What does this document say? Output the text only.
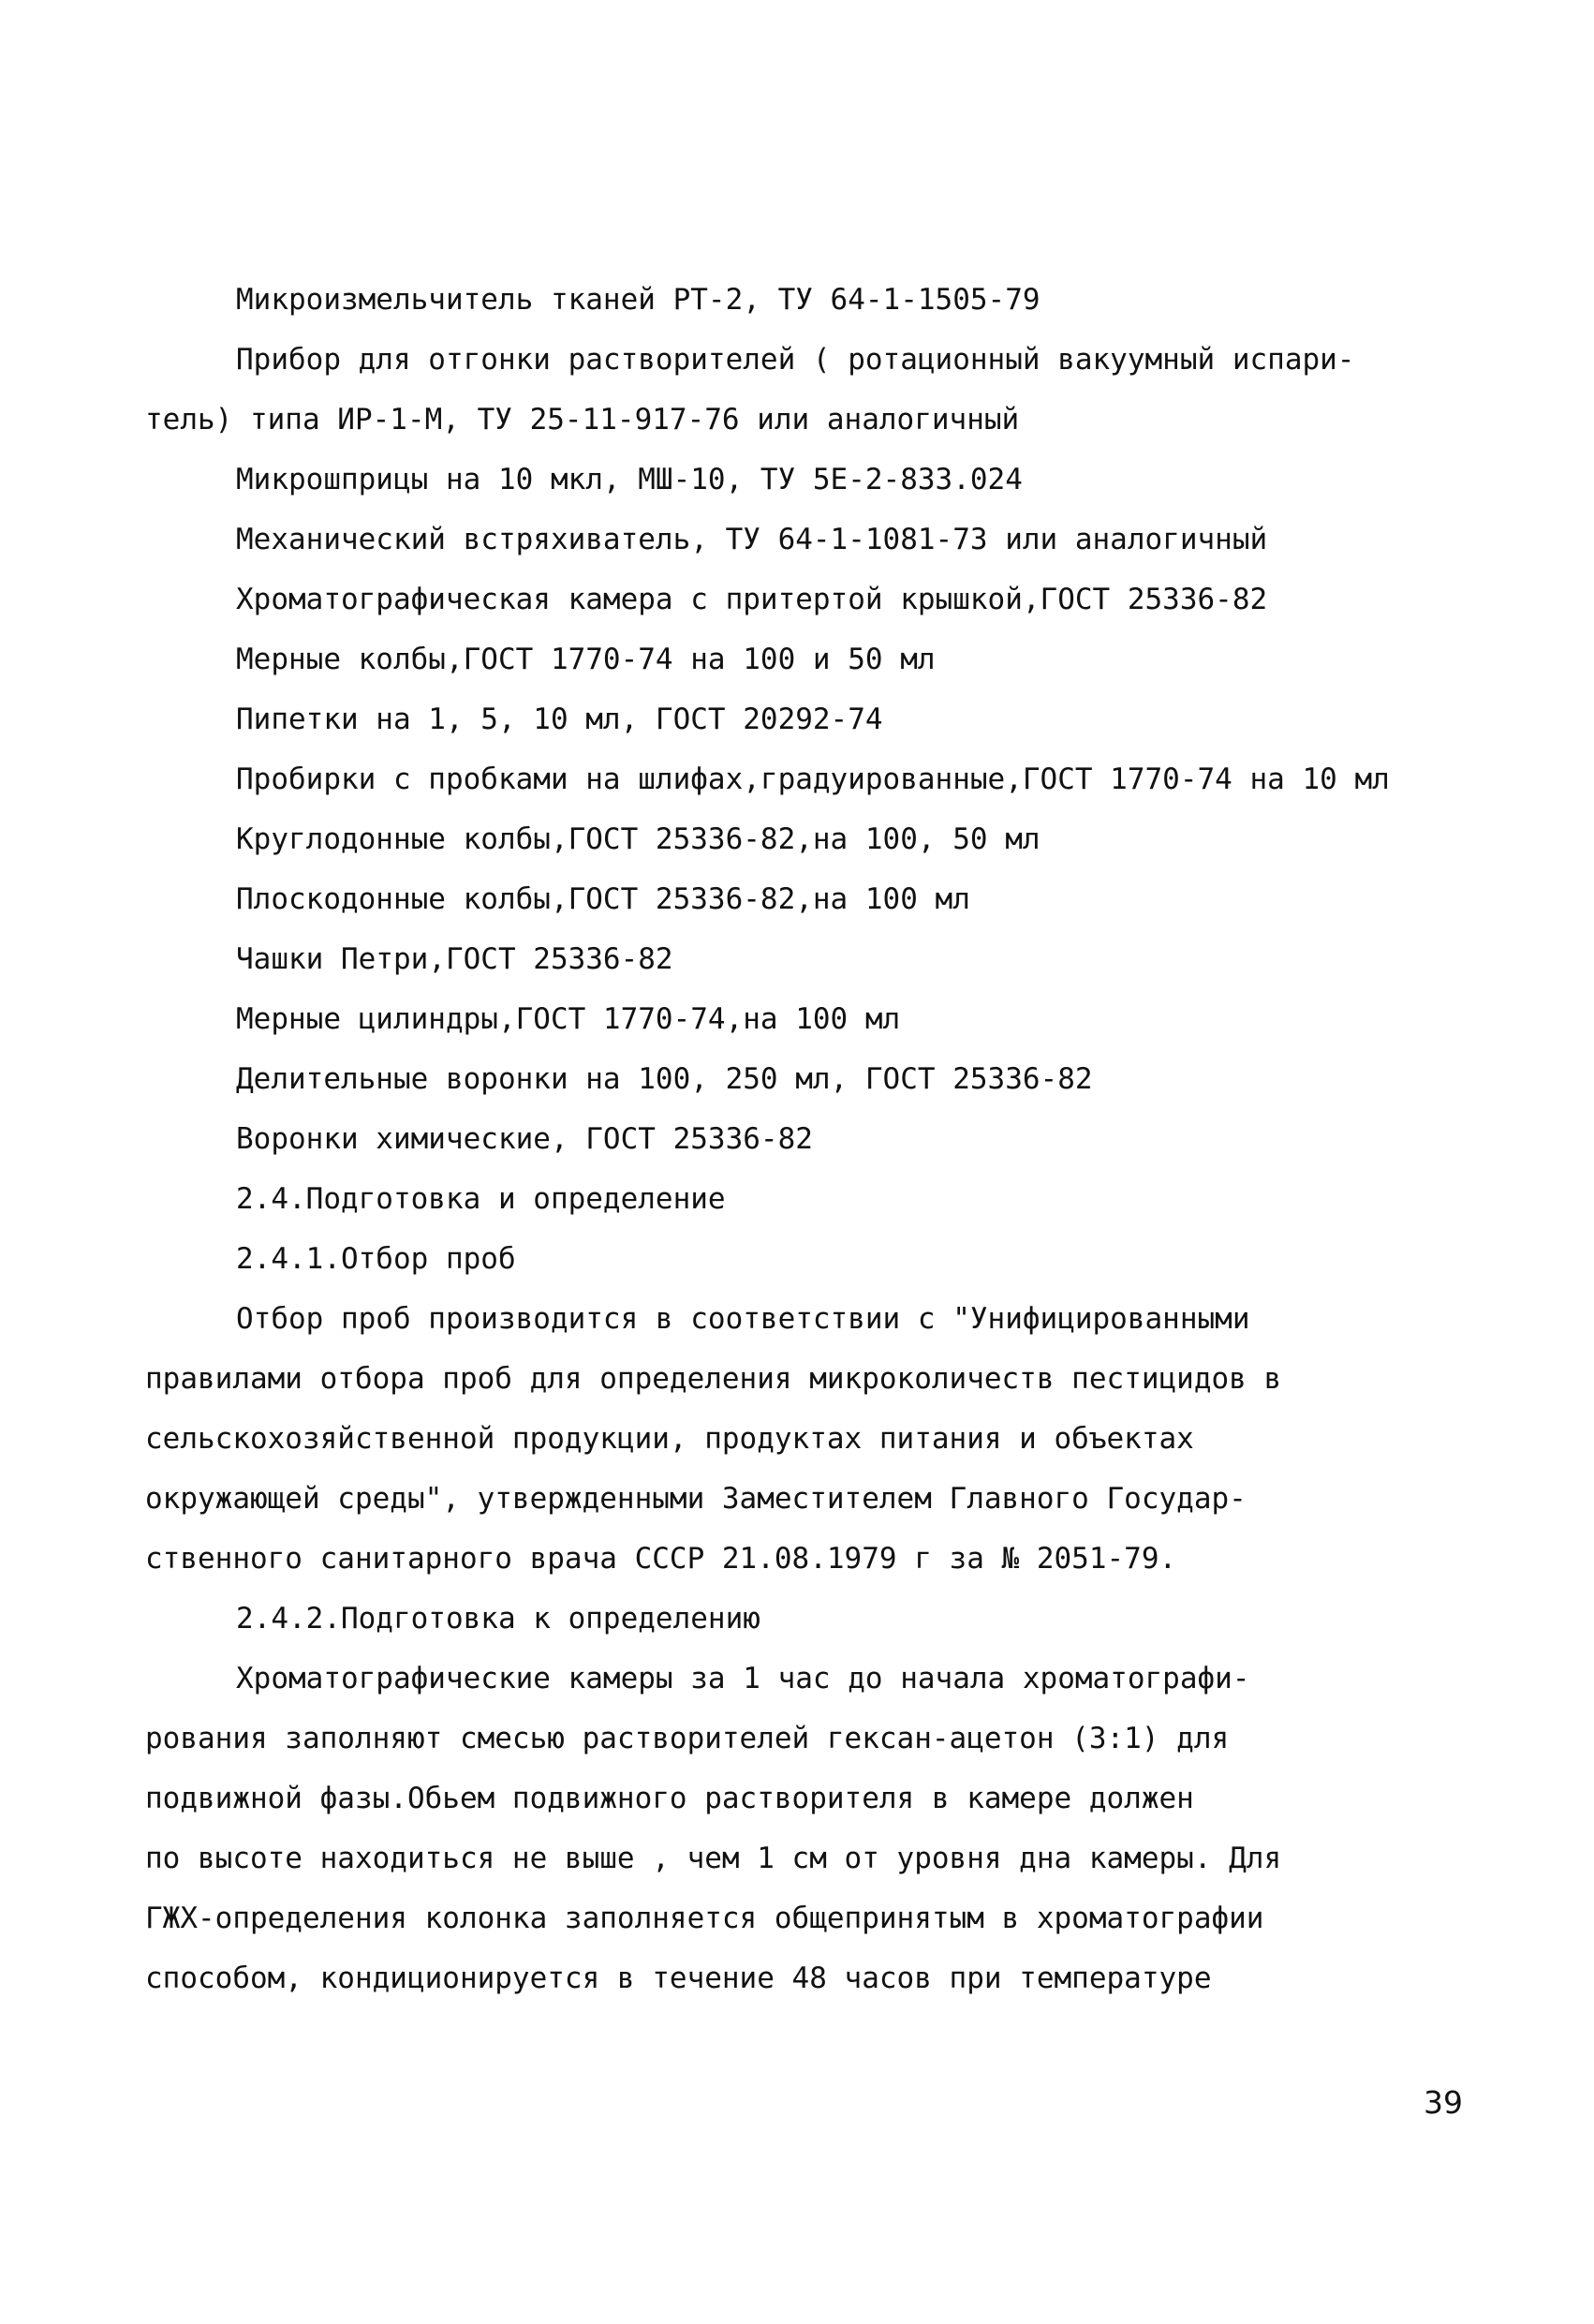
Микроизмельчитель тканей РТ-2, ТУ 64-1-1505-79
Прибор для отгонки растворителей ( ротационный вакуумный испари-
тель) типа ИР-1-М, ТУ 25-11-917-76 или аналогичный
Микрошприцы на 10 мкл, МШ-10, ТУ 5Е-2-833.024
Механический встряхиватель, ТУ 64-1-1081-73 или аналогичный
Хроматографическая камера с притертой крышкой,ГОСТ 25336-82
Мерные колбы,ГОСТ 1770-74 на 100 и 50 мл
Пипетки на 1, 5, 10 мл, ГОСТ 20292-74
Пробирки с пробками на шлифах,градуированные,ГОСТ 1770-74 на 10 мл
Круглодонные колбы,ГОСТ 25336-82,на 100, 50 мл
Плоскодонные колбы,ГОСТ 25336-82,на 100 мл
Чашки Петри,ГОСТ 25336-82
Мерные цилиндры,ГОСТ 1770-74,на 100 мл
Делительные воронки на 100, 250 мл, ГОСТ 25336-82
Воронки химические, ГОСТ 25336-82
2.4.Подготовка и определение
2.4.1.Отбор проб
Отбор проб производится в соответствии с "Унифицированными
правилами отбора проб для определения микроколичеств пестицидов в
сельскохозяйственной продукции, продуктах питания и объектах
окружающей среды", утвержденными Заместителем Главного Государ-
ственного санитарного врача СССР 21.08.1979 г за № 2051-79.
2.4.2.Подготовка к определению
Хроматографические камеры за 1 час до начала хроматографи-
рования заполняют смесью растворителей гексан-ацетон (3:1) для
подвижной фазы.Обьем подвижного растворителя в камере должен
по высоте находиться не выше , чем 1 см от уровня дна камеры. Для
ГЖХ-определения колонка заполняется общепринятым в хроматографии
способом, кондиционируется в течение 48 часов при температуре
39
